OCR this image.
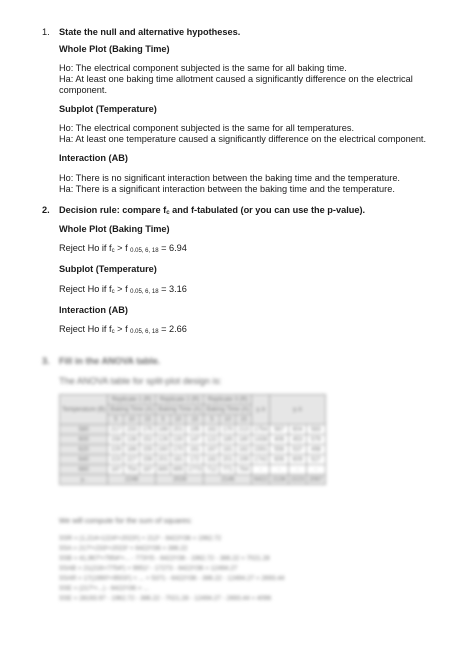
1. State the null and alternative hypotheses.
Whole Plot (Baking Time)
Ho: The electrical component subjected is the same for all baking time.
Ha: At least one baking time allotment caused a significantly difference on the electrical
component.
Subplot (Temperature)
Ho: The electrical component subjected is the same for all temperatures.
Ha: At least one temperature caused a significantly difference on the electrical component.
Interaction (AB)
Ho: There is no significant interaction between the baking time and the temperature.
Ha: There is a significant interaction between the baking time and the temperature.
2. Decision rule: compare $f_c$ and f-tabulated (or you can use the p-value).
Whole Plot (Baking Time)
Reject Ho if $f_c > f$ $_{0.05, 6, 18}$ = 6.94
Subplot (Temperature)
Reject Ho if $f_c > f$ $_{0.05, 6, 18}$ = 3.16
Interaction (AB)
Reject Ho if $f_c > f$ $_{0.05, 6, 18}$ = 2.66
3. Fill in the ANOVA table.
The ANOVA table for split-plot design is:
Temperature (B)	Replicate 1 (R)			Replicate 2 (R)			Replicate 3 (R)			y..k	y..k		
	Baking Time (A)			Baking Time (A)			Baking Time (A)						
	5	10	15	5	10	15	5	10	15				
580	217	233	175	188	201	195	162	170	213	1754	567	604	583
600	158	138	152	126	130	147	122	185	180	1438	406	453	579
620	229	186	155	160	170	161	167	181	182	1591	556	537	498
640	223	227	156	201	181	172	182	201	199	1742	606	609	527
660	187	754	187	885	895	1773	712	771	764	-	-	-	-
y..	2248			2028			2146			6422	2136	2223	2067
We will compute for the sum of squares:
SSR = (1,214+1224²+2023²) + 212² - 6422²/36 = 1962.72
SSA = 217²+233²+2023² + 6422²/36 = 386.22
SSB = 41,967²+7954²+... - 773²/S - 6422²/36 - 1962.72 - 386.22 = 7021.28
SSAB = 21(216+7754²) + 9951² - 17273 - 6422²/36 = 12494.27
SSAR = 17(1990²+9503²) + ... + 5371 - 6422²/36 - 386.22 - 12494.27 = 2693.44
SSE = (217²+...) - 6422²/36 = ...
SSE = 28193.97 - 1962.72 - 386.22 - 7021.28 - 12494.27 - 2693.44 = 4096
